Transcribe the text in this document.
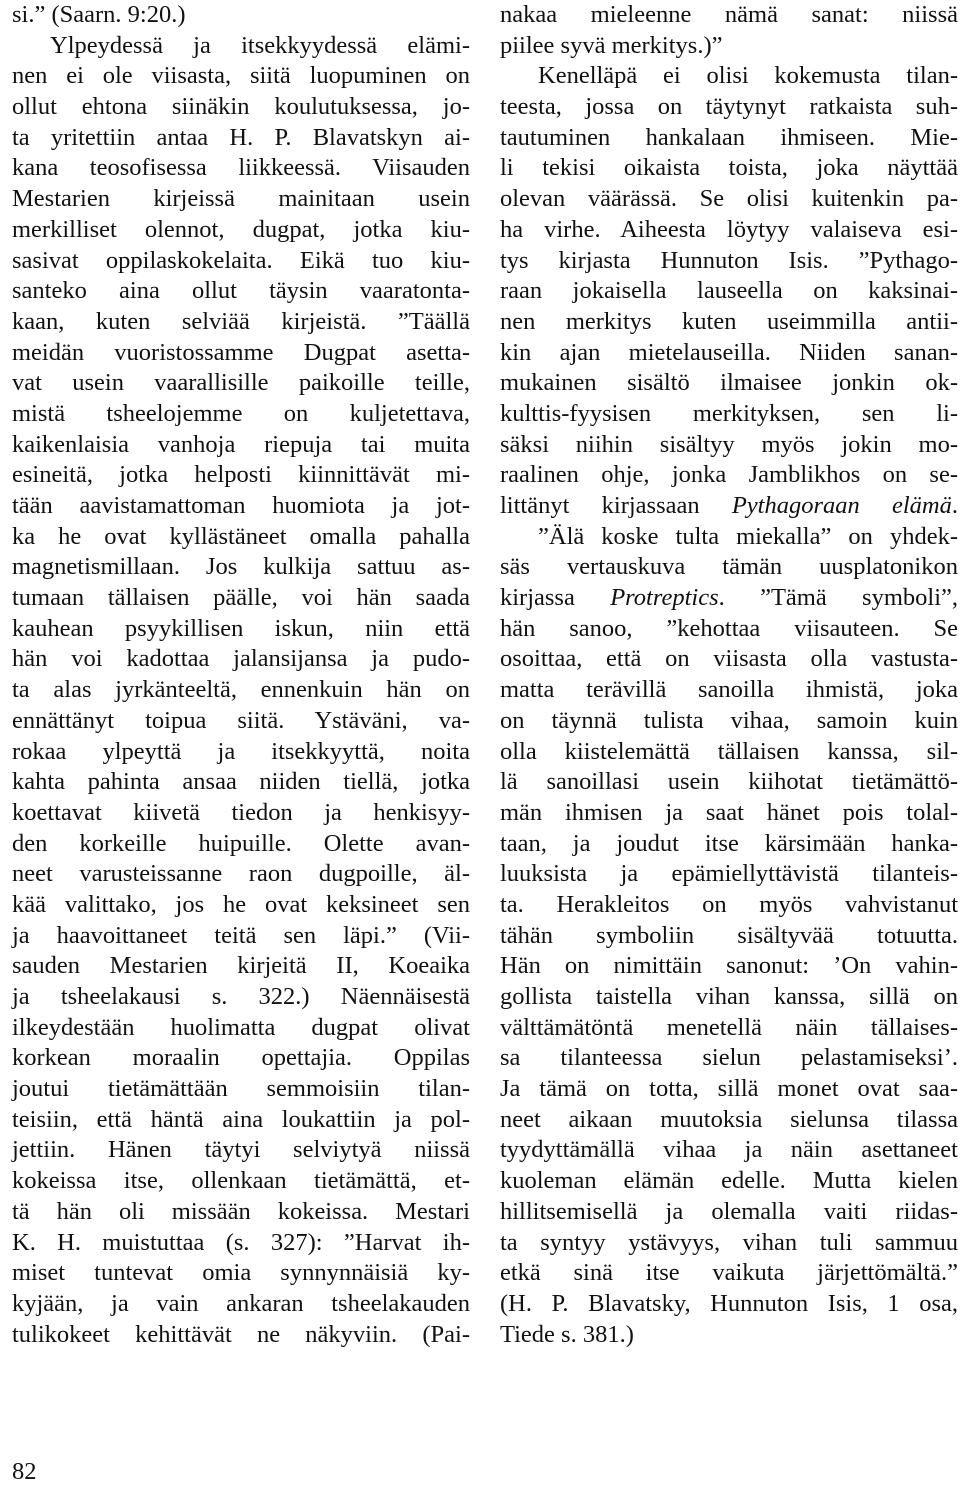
si.” (Saarn. 9:20.)
Ylpeydessä ja itsekkyydessä elämi-
nen ei ole viisasta, siitä luopuminen on
ollut ehtona siinäkin koulutuksessa, jo-
ta yritettiin antaa H. P. Blavatskyn ai-
kana teosofisessa liikkeessä. Viisauden
Mestarien kirjeissä mainitaan usein
merkilliset olennot, dugpat, jotka kiu-
sasivat oppilaskokelaita. Eikä tuo kiu-
santeko aina ollut täysin vaaratonta-
kaan, kuten selviää kirjeistä. ”Täällä
meidän vuoristossamme Dugpat asetta-
vat usein vaarallisille paikoille teille,
mistä tsheelojemme on kuljetettava,
kaikenlaisia vanhoja riepuja tai muita
esineitä, jotka helposti kiinnittävät mi-
tään aavistamattoman huomiota ja jot-
ka he ovat kyllästäneet omalla pahalla
magnetismillaan. Jos kulkija sattuu as-
tumaan tällaisen päälle, voi hän saada
kauhean psyykillisen iskun, niin että
hän voi kadottaa jalansijansa ja pudo-
ta alas jyrkänteeltä, ennenkuin hän on
ennättänyt toipua siitä. Ystäväni, va-
rokaa ylpeyttä ja itsekkyyttä, noita
kahta pahinta ansaa niiden tiellä, jotka
koettavat kiivetä tiedon ja henkisyy-
den korkeille huipuille. Olette avan-
neet varusteissanne raon dugpoille, äl-
kää valittako, jos he ovat keksineet sen
ja haavoittaneet teitä sen läpi.” (Vii-
sauden Mestarien kirjeitä II, Koeaika
ja tsheelakausi s. 322.) Näennäisestä
ilkeydestään huolimatta dugpat olivat
korkean moraalin opettajia. Oppilas
joutui tietämättään semmoisiin tilan-
teisiin, että häntä aina loukattiin ja pol-
jettiin. Hänen täytyi selviytyä niissä
kokeissa itse, ollenkaan tietämättä, et-
tä hän oli missään kokeissa. Mestari
K. H. muistuttaa (s. 327): ”Harvat ih-
miset tuntevat omia synnynnäisiä ky-
kyjään, ja vain ankaran tsheelakauden
tulikokeet kehittävät ne näkyviin. (Pai-
nakaa mieleenne nämä sanat: niissä
piilee syvä merkitys.)”
Kenelläpä ei olisi kokemusta tilan-
teesta, jossa on täytynyt ratkaista suh-
tautuminen hankalaan ihmiseen. Mie-
li tekisi oikaista toista, joka näyttää
olevan väärässä. Se olisi kuitenkin pa-
ha virhe. Aiheesta löytyy valaiseva esi-
tys kirjasta Hunnuton Isis. ”Pythago-
raan jokaisella lauseella on kaksinai-
nen merkitys kuten useimmilla antii-
kin ajan mietelauseilla. Niiden sanan-
mukainen sisältö ilmaisee jonkin ok-
kulttis-fyysisen merkityksen, sen li-
säksi niihin sisältyy myös jokin mo-
raalinen ohje, jonka Jamblikhos on se-
littänyt kirjassaan Pythagoraan elämä.
”Älä koske tulta miekalla” on yhdek-
säs vertauskuva tämän uusplatonikon
kirjassa Protreptics. ”Tämä symboli”,
hän sanoo, ”kehottaa viisauteen. Se
osoittaa, että on viisasta olla vastusta-
matta terävillä sanoilla ihmistä, joka
on täynnä tulista vihaa, samoin kuin
olla kiistelemättä tällaisen kanssa, sil-
lä sanoillasi usein kiihotat tietämättö-
män ihmisen ja saat hänet pois tolal-
taan, ja joudut itse kärsimään hanka-
luuksista ja epämiellyttävistä tilanteis-
ta. Herakleitos on myös vahvistanut
tähän symboliin sisältyvää totuutta.
Hän on nimittäin sanonut: ’On vahin-
gollista taistella vihan kanssa, sillä on
välttämätöntä menetellä näin tällaises-
sa tilanteessa sielun pelastamiseksi’.
Ja tämä on totta, sillä monet ovat saa-
neet aikaan muutoksia sielunsa tilassa
tyydyttämällä vihaa ja näin asettaneet
kuoleman elämän edelle. Mutta kielen
hillitsemisellä ja olemalla vaiti riidas-
ta syntyy ystävyys, vihan tuli sammuu
etkä sinä itse vaikuta järjettömältä.”
(H. P. Blavatsky, Hunnuton Isis, 1 osa,
Tiede s. 381.)
82
